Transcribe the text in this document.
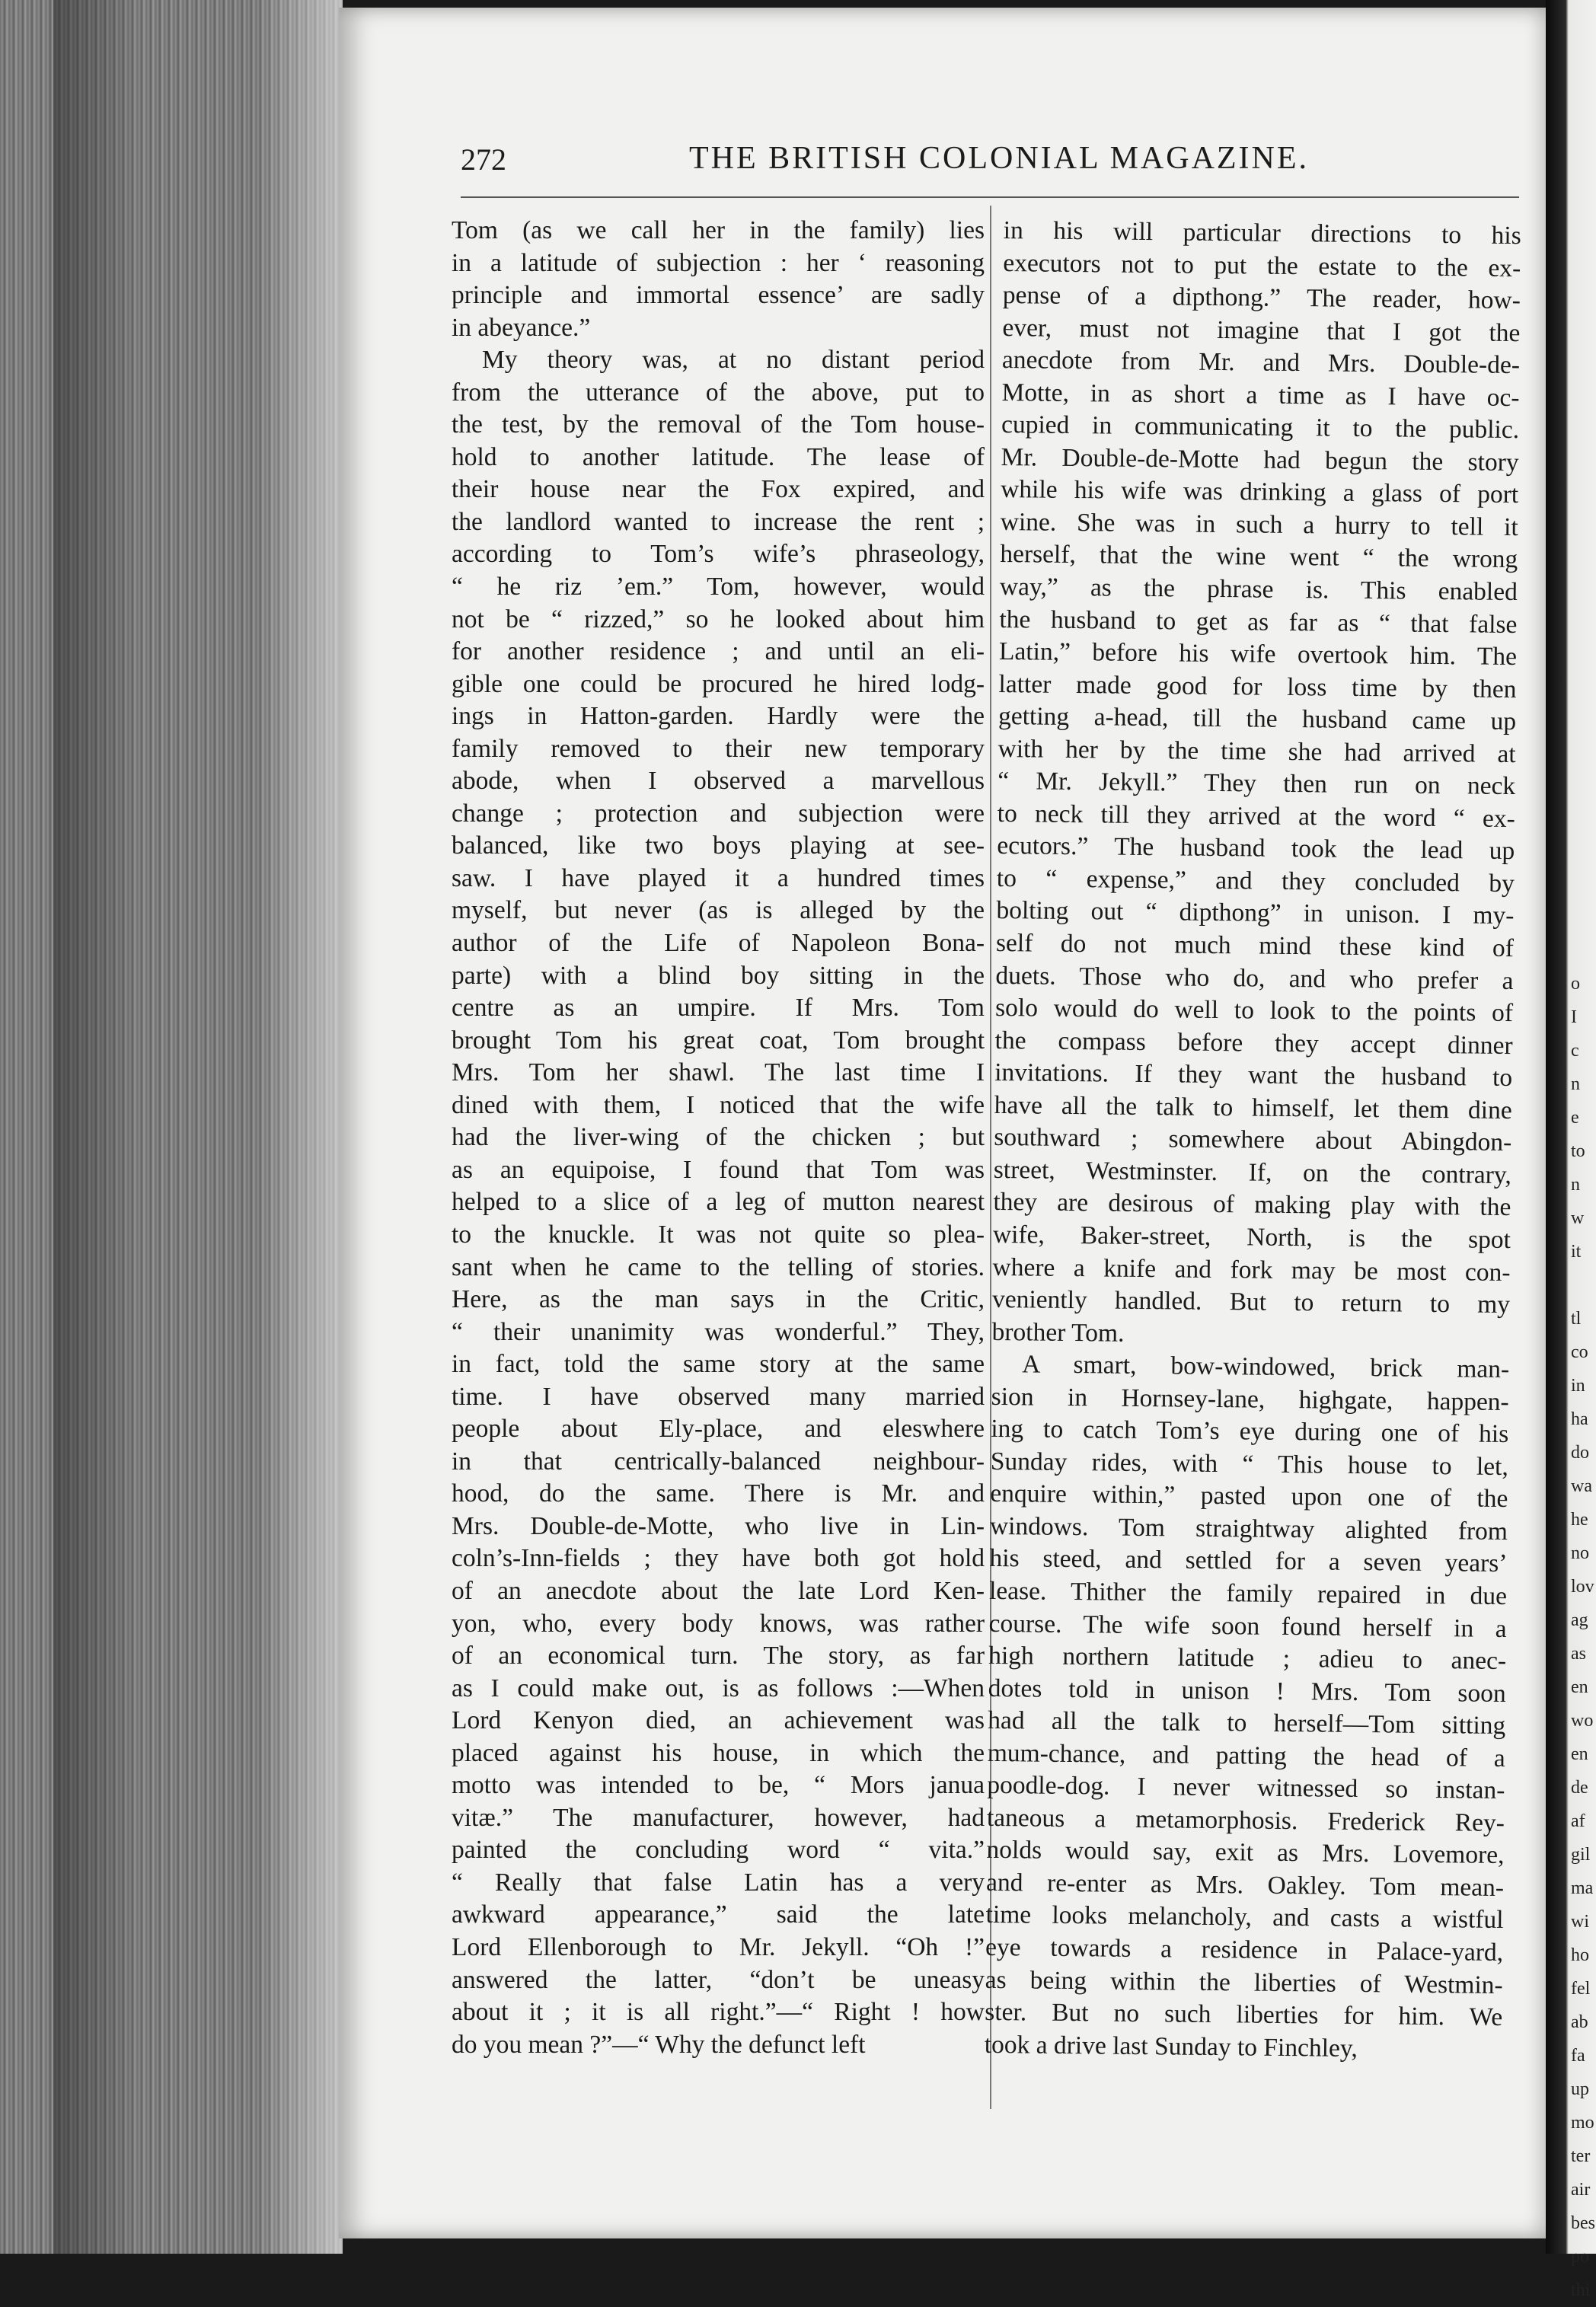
272	THE BRITISH COLONIAL MAGAZINE.
Tom (as we call her in the family) lies
in a latitude of subjection : her ‘ reasoning
principle and immortal essence’ are sadly
in abeyance.”
My theory was, at no distant period
from the utterance of the above, put to
the test, by the removal of the Tom house-
hold to another latitude. The lease of
their house near the Fox expired, and
the landlord wanted to increase the rent ;
according to Tom’s wife’s phraseology,
“ he riz ’em.” Tom, however, would
not be “ rizzed,” so he looked about him
for another residence ; and until an eli-
gible one could be procured he hired lodg-
ings in Hatton-garden. Hardly were the
family removed to their new temporary
abode, when I observed a marvellous
change ; protection and subjection were
balanced, like two boys playing at see-
saw. I have played it a hundred times
myself, but never (as is alleged by the
author of the Life of Napoleon Bona-
parte) with a blind boy sitting in the
centre as an umpire. If Mrs. Tom
brought Tom his great coat, Tom brought
Mrs. Tom her shawl. The last time I
dined with them, I noticed that the wife
had the liver-wing of the chicken ; but
as an equipoise, I found that Tom was
helped to a slice of a leg of mutton nearest
to the knuckle. It was not quite so plea-
sant when he came to the telling of stories.
Here, as the man says in the Critic,
“ their unanimity was wonderful.” They,
in fact, told the same story at the same
time. I have observed many married
people about Ely-place, and eleswhere
in that centrically-balanced neighbour-
hood, do the same. There is Mr. and
Mrs. Double-de-Motte, who live in Lin-
coln’s-Inn-fields ; they have both got hold
of an anecdote about the late Lord Ken-
yon, who, every body knows, was rather
of an economical turn. The story, as far
as I could make out, is as follows :—When
Lord Kenyon died, an achievement was
placed against his house, in which the
motto was intended to be, “ Mors janua
vitæ.” The manufacturer, however, had
painted the concluding word “ vita.”
“ Really that false Latin has a very
awkward appearance,” said the late
Lord Ellenborough to Mr. Jekyll. “Oh !”
answered the latter, “don’t be uneasy
about it ; it is all right.”—“ Right ! how
do you mean ?”—“ Why the defunct left
in his will particular directions to his
executors not to put the estate to the ex-
pense of a dipthong.” The reader, how-
ever, must not imagine that I got the
anecdote from Mr. and Mrs. Double-de-
Motte, in as short a time as I have oc-
cupied in communicating it to the public.
Mr. Double-de-Motte had begun the story
while his wife was drinking a glass of port
wine. She was in such a hurry to tell it
herself, that the wine went “ the wrong
way,” as the phrase is. This enabled
the husband to get as far as “ that false
Latin,” before his wife overtook him. The
latter made good for loss time by then
getting a-head, till the husband came up
with her by the time she had arrived at
“ Mr. Jekyll.” They then run on neck
to neck till they arrived at the word “ ex-
ecutors.” The husband took the lead up
to “ expense,” and they concluded by
bolting out “ dipthong” in unison. I my-
self do not much mind these kind of
duets. Those who do, and who prefer a
solo would do well to look to the points of
the compass before they accept dinner
invitations. If they want the husband to
have all the talk to himself, let them dine
southward ; somewhere about Abingdon-
street, Westminster. If, on the contrary,
they are desirous of making play with the
wife, Baker-street, North, is the spot
where a knife and fork may be most con-
veniently handled. But to return to my
brother Tom.
A smart, bow-windowed, brick man-
sion in Hornsey-lane, highgate, happen-
ing to catch Tom’s eye during one of his
Sunday rides, with “ This house to let,
enquire within,” pasted upon one of the
windows. Tom straightway alighted from
his steed, and settled for a seven years’
lease. Thither the family repaired in due
course. The wife soon found herself in a
high northern latitude ; adieu to anec-
dotes told in unison ! Mrs. Tom soon
had all the talk to herself—Tom sitting
mum-chance, and patting the head of a
poodle-dog. I never witnessed so instan-
taneous a metamorphosis. Frederick Rey-
nolds would say, exit as Mrs. Lovemore,
and re-enter as Mrs. Oakley. Tom mean-
time looks melancholy, and casts a wistful
eye towards a residence in Palace-yard,
as being within the liberties of Westmin-
ster. But no such liberties for him. We
took a drive last Sunday to Finchley,
o
I
c
n
e
to
n
w
it

tl
co
in
ha
do
wa
he
no
lov
ag
as
en
wo
en
de
af
gil
ma
wi
ho
fel
ab
fa
up
mo
ter
air
bes
po
thi
